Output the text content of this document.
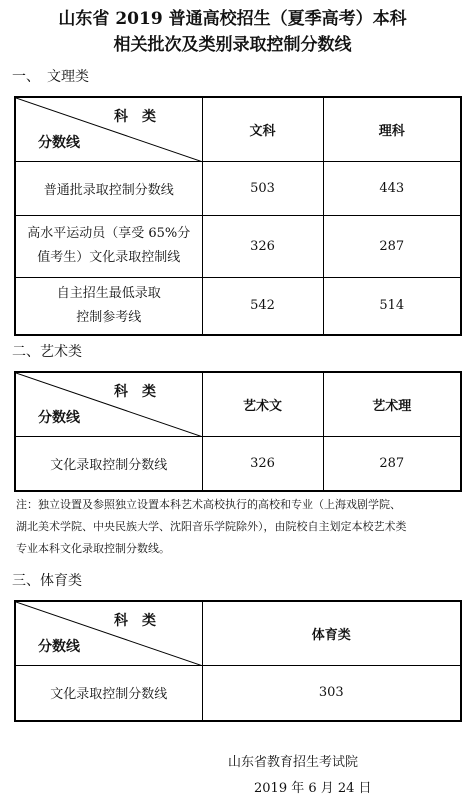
山东省 2019 普通高校招生（夏季高考）本科
相关批次及类别录取控制分数线
一、　文理类
科　类
分数线	文科	理科
普通批录取控制分数线	503	443

高水平运动员（享受 65%分
值考生）文化录取控制线	326	287

自主招生最低录取
控制参考线	542	514
二、艺术类
科　类
分数线	艺术文	艺术理
文化录取控制分数线	326	287
注：独立设置及参照独立设置本科艺术高校执行的高校和专业（上海戏剧学院、
湖北美术学院、中央民族大学、沈阳音乐学院除外），由院校自主划定本校艺术类
专业本科文化录取控制分数线。
三、体育类
科　类
分数线	体育类
文化录取控制分数线	303
山东省教育招生考试院
2019 年 6 月 24 日
